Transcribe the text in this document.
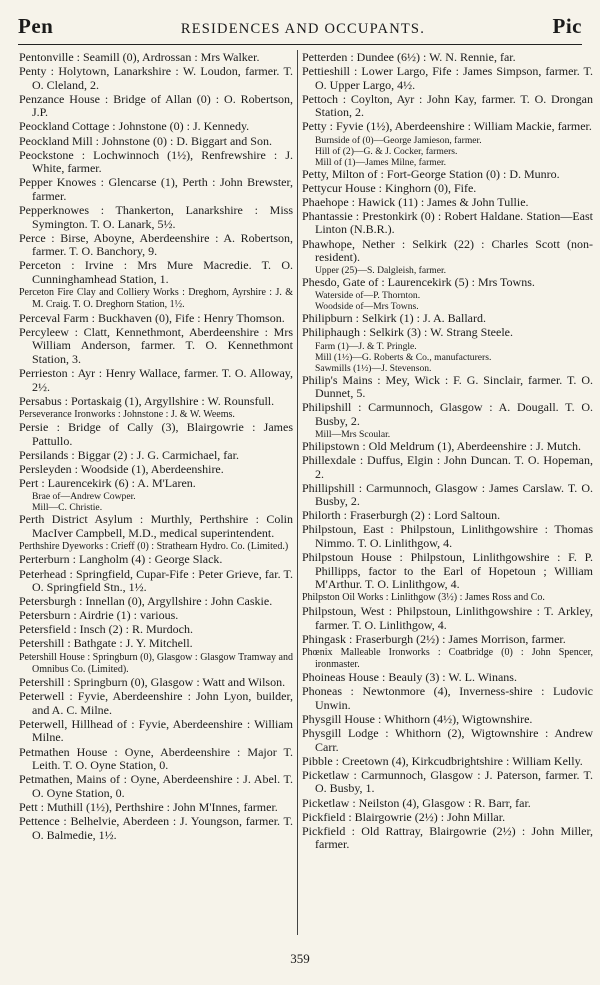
Pen	RESIDENCES AND OCCUPANTS.	Pic

Pentonville : Seamill (0), Ardrossan : Mrs Walker.

Penty : Holytown, Lanarkshire : W. Loudon, farmer. T. O. Cleland, 2.

Penzance House : Bridge of Allan (0) : O. Robertson, J.P.

Peockland Cottage : Johnstone (0) : J. Kennedy.

Peockland Mill : Johnstone (0) : D. Biggart and Son.

Peockstone : Lochwinnoch (1½), Renfrewshire : J. White, farmer.

Pepper Knowes : Glencarse (1), Perth : John Brewster, farmer.

Pepperknowes : Thankerton, Lanarkshire : Miss Symington. T. O. Lanark, 5½.

Perce : Birse, Aboyne, Aberdeenshire : A. Robertson, farmer. T. O. Banchory, 9.

Perceton : Irvine : Mrs Mure Macredie. T. O. Cunninghamhead Station, 1.

Perceton Fire Clay and Colliery Works : Dreghorn, Ayrshire : J. & M. Craig. T. O. Dreghorn Station, 1½.

Perceval Farm : Buckhaven (0), Fife : Henry Thomson.

Percyleew : Clatt, Kennethmont, Aberdeenshire : Mrs William Anderson, farmer. T. O. Kennethmont Station, 3.

Perrieston : Ayr : Henry Wallace, farmer. T. O. Alloway, 2½.

Persabus : Portaskaig (1), Argyllshire : W. Rounsfull.

Perseverance Ironworks : Johnstone : J. & W. Weems.

Persie : Bridge of Cally (3), Blairgowrie : James Pattullo.

Persilands : Biggar (2) : J. G. Carmichael, far.

Persleyden : Woodside (1), Aberdeenshire.

Pert : Laurencekirk (6) : A. M'Laren.

Brae of—Andrew Cowper.

Mill—C. Christie.

Perth District Asylum : Murthly, Perthshire : Colin MacIver Campbell, M.D., medical superintendent.

Perthshire Dyeworks : Crieff (0) : Strathearn Hydro. Co. (Limited.)

Perterburn : Langholm (4) : George Slack.

Peterhead : Springfield, Cupar-Fife : Peter Grieve, far. T. O. Springfield Stn., 1½.

Petersburgh : Innellan (0), Argyllshire : John Caskie.

Petersburn : Airdrie (1) : various.

Petersfield : Insch (2) : R. Murdoch.

Petershill : Bathgate : J. Y. Mitchell.

Petershill House : Springburn (0), Glasgow : Glasgow Tramway and Omnibus Co. (Limited).

Petershill : Springburn (0), Glasgow : Watt and Wilson.

Peterwell : Fyvie, Aberdeenshire : John Lyon, builder, and A. C. Milne.

Peterwell, Hillhead of : Fyvie, Aberdeenshire : William Milne.

Petmathen House : Oyne, Aberdeenshire : Major T. Leith. T. O. Oyne Station, 0.

Petmathen, Mains of : Oyne, Aberdeenshire : J. Abel. T. O. Oyne Station, 0.

Pett : Muthill (1½), Perthshire : John M'Innes, farmer.

Pettence : Belhelvie, Aberdeen : J. Youngson, farmer. T. O. Balmedie, 1½.

Petterden : Dundee (6½) : W. N. Rennie, far.

Pettieshill : Lower Largo, Fife : James Simpson, farmer. T. O. Upper Largo, 4½.

Pettoch : Coylton, Ayr : John Kay, farmer. T. O. Drongan Station, 2.

Petty : Fyvie (1½), Aberdeenshire : William Mackie, farmer.

Burnside of (0)—George Jamieson, farmer.

Hill of (2)—G. & J. Cocker, farmers.

Mill of (1)—James Milne, farmer.

Petty, Milton of : Fort-George Station (0) : D. Munro.

Pettycur House : Kinghorn (0), Fife.

Phaehope : Hawick (11) : James & John Tullie.

Phantassie : Prestonkirk (0) : Robert Haldane. Station—East Linton (N.B.R.).

Phawhope, Nether : Selkirk (22) : Charles Scott (non-resident).

Upper (25)—S. Dalgleish, farmer.

Phesdo, Gate of : Laurencekirk (5) : Mrs Towns.

Waterside of—P. Thornton.

Woodside of—Mrs Towns.

Philipburn : Selkirk (1) : J. A. Ballard.

Philiphaugh : Selkirk (3) : W. Strang Steele.

Farm (1)—J. & T. Pringle.

Mill (1½)—G. Roberts & Co., manufacturers.

Sawmills (1½)—J. Stevenson.

Philip's Mains : Mey, Wick : F. G. Sinclair, farmer. T. O. Dunnet, 5.

Philipshill : Carmunnoch, Glasgow : A. Dougall. T. O. Busby, 2.

Mill—Mrs Scoular.

Philipstown : Old Meldrum (1), Aberdeenshire : J. Mutch.

Phillexdale : Duffus, Elgin : John Duncan. T. O. Hopeman, 2.

Phillipshill : Carmunnoch, Glasgow : James Carslaw. T. O. Busby, 2.

Philorth : Fraserburgh (2) : Lord Saltoun.

Philpstoun, East : Philpstoun, Linlithgowshire : Thomas Nimmo. T. O. Linlithgow, 4.

Philpstoun House : Philpstoun, Linlithgowshire : F. P. Phillipps, factor to the Earl of Hopetoun ; William M'Arthur. T. O. Linlithgow, 4.

Philpston Oil Works : Linlithgow (3½) : James Ross and Co.

Philpstoun, West : Philpstoun, Linlithgowshire : T. Arkley, farmer. T. O. Linlithgow, 4.

Phingask : Fraserburgh (2½) : James Morrison, farmer.

Phœnix Malleable Ironworks : Coatbridge (0) : John Spencer, ironmaster.

Phoineas House : Beauly (3) : W. L. Winans.

Phoneas : Newtonmore (4), Inverness-shire : Ludovic Unwin.

Physgill House : Whithorn (4½), Wigtownshire.

Physgill Lodge : Whithorn (2), Wigtownshire : Andrew Carr.

Pibble : Creetown (4), Kirkcudbrightshire : William Kelly.

Picketlaw : Carmunnoch, Glasgow : J. Paterson, farmer. T. O. Busby, 1.

Picketlaw : Neilston (4), Glasgow : R. Barr, far.

Pickfield : Blairgowrie (2½) : John Millar.

Pickfield : Old Rattray, Blairgowrie (2½) : John Miller, farmer.

359
